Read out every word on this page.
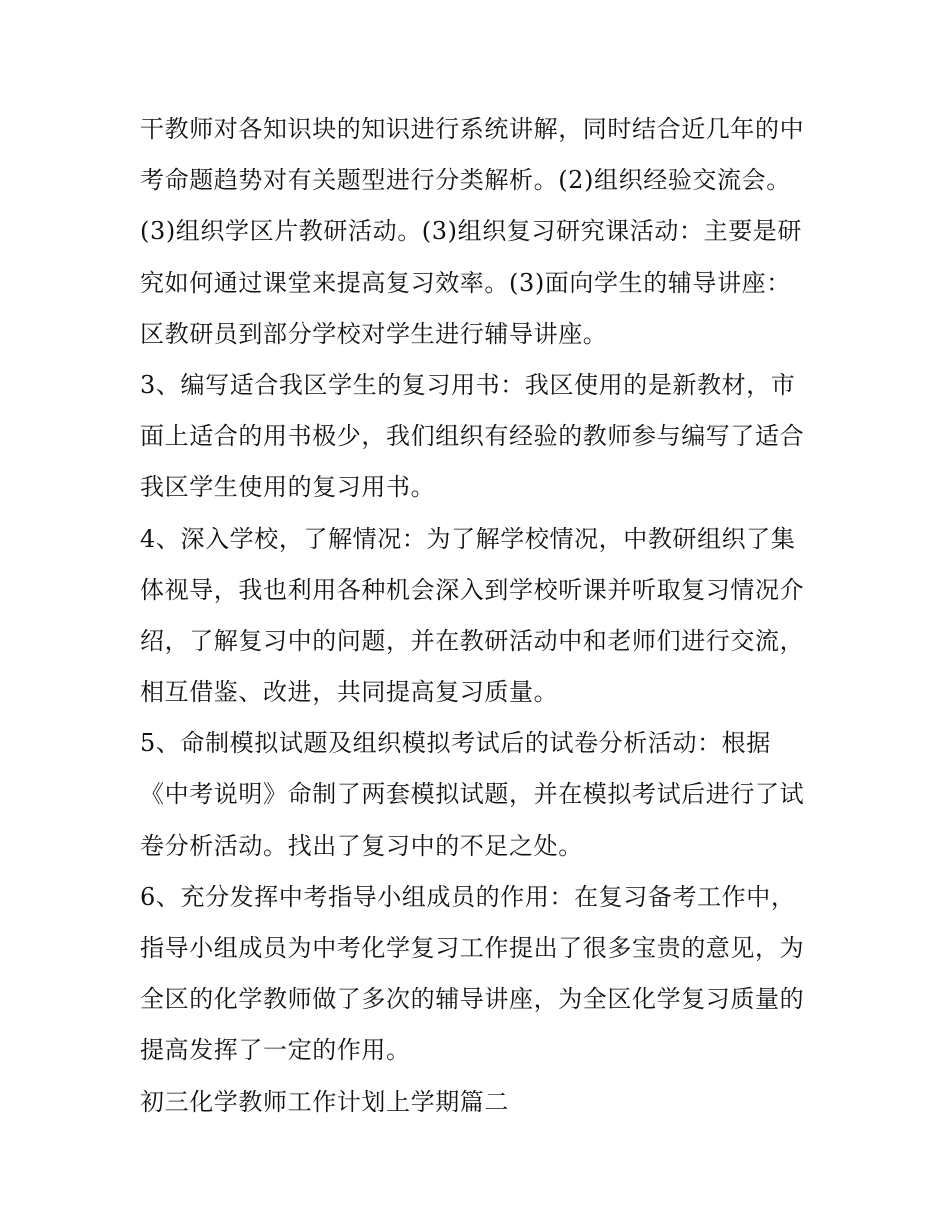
干教师对各知识块的知识进行系统讲解，同时结合近几年的中
考命题趋势对有关题型进行分类解析。(2)组织经验交流会。
(3)组织学区片教研活动。(3)组织复习研究课活动：主要是研
究如何通过课堂来提高复习效率。(3)面向学生的辅导讲座：
区教研员到部分学校对学生进行辅导讲座。
3、编写适合我区学生的复习用书：我区使用的是新教材，市
面上适合的用书极少，我们组织有经验的教师参与编写了适合
我区学生使用的复习用书。
4、深入学校，了解情况：为了解学校情况，中教研组织了集
体视导，我也利用各种机会深入到学校听课并听取复习情况介
绍，了解复习中的问题，并在教研活动中和老师们进行交流，
相互借鉴、改进，共同提高复习质量。
5、命制模拟试题及组织模拟考试后的试卷分析活动：根据
《中考说明》命制了两套模拟试题，并在模拟考试后进行了试
卷分析活动。找出了复习中的不足之处。
6、充分发挥中考指导小组成员的作用：在复习备考工作中，
指导小组成员为中考化学复习工作提出了很多宝贵的意见，为
全区的化学教师做了多次的辅导讲座，为全区化学复习质量的
提高发挥了一定的作用。
初三化学教师工作计划上学期篇二
